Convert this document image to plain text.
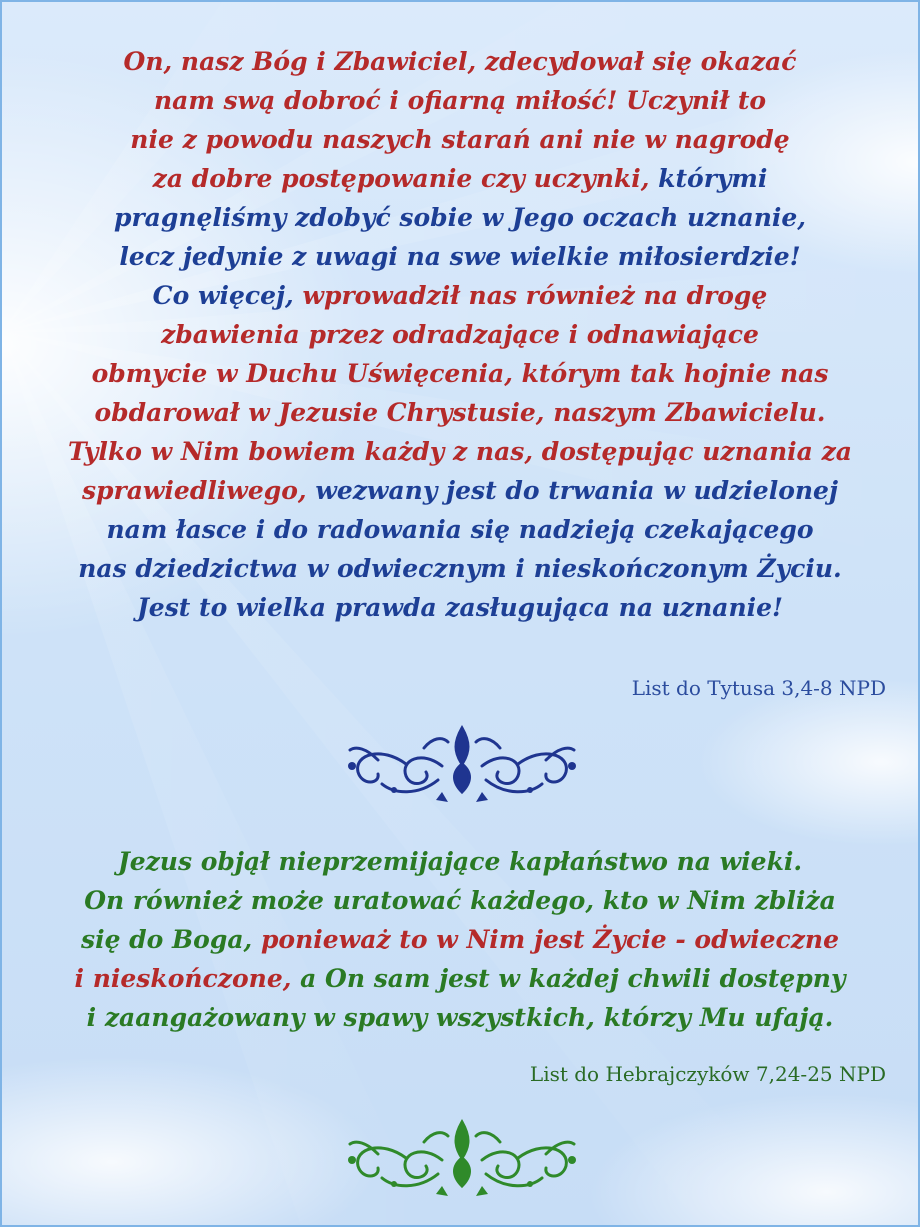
On, nasz Bóg i Zbawiciel, zdecydował się okazać
nam swą dobroć i ofiarną miłość! Uczynił to
nie z powodu naszych starań ani nie w nagrodę
za dobre postępowanie czy uczynki, którymi
pragnęliśmy zdobyć sobie w Jego oczach uznanie,
lecz jedynie z uwagi na swe wielkie miłosierdzie!
Co więcej, wprowadził nas również na drogę
zbawienia przez odradzające i odnawiające
obmycie w Duchu Uświęcenia, którym tak hojnie nas
obdarował w Jezusie Chrystusie, naszym Zbawicielu.
Tylko w Nim bowiem każdy z nas, dostępując uznania za
sprawiedliwego, wezwany jest do trwania w udzielonej
nam łasce i do radowania się nadzieją czekającego
nas dziedzictwa w odwiecznym i nieskończonym Życiu.
Jest to wielka prawda zasługująca na uznanie!
List do Tytusa 3,4-8 NPD
Jezus objął nieprzemijające kapłaństwo na wieki.
On również może uratować każdego, kto w Nim zbliża
się do Boga, ponieważ to w Nim jest Życie - odwieczne
i nieskończone, a On sam jest w każdej chwili dostępny
i zaangażowany w spawy wszystkich, którzy Mu ufają.
List do Hebrajczyków 7,24-25 NPD
